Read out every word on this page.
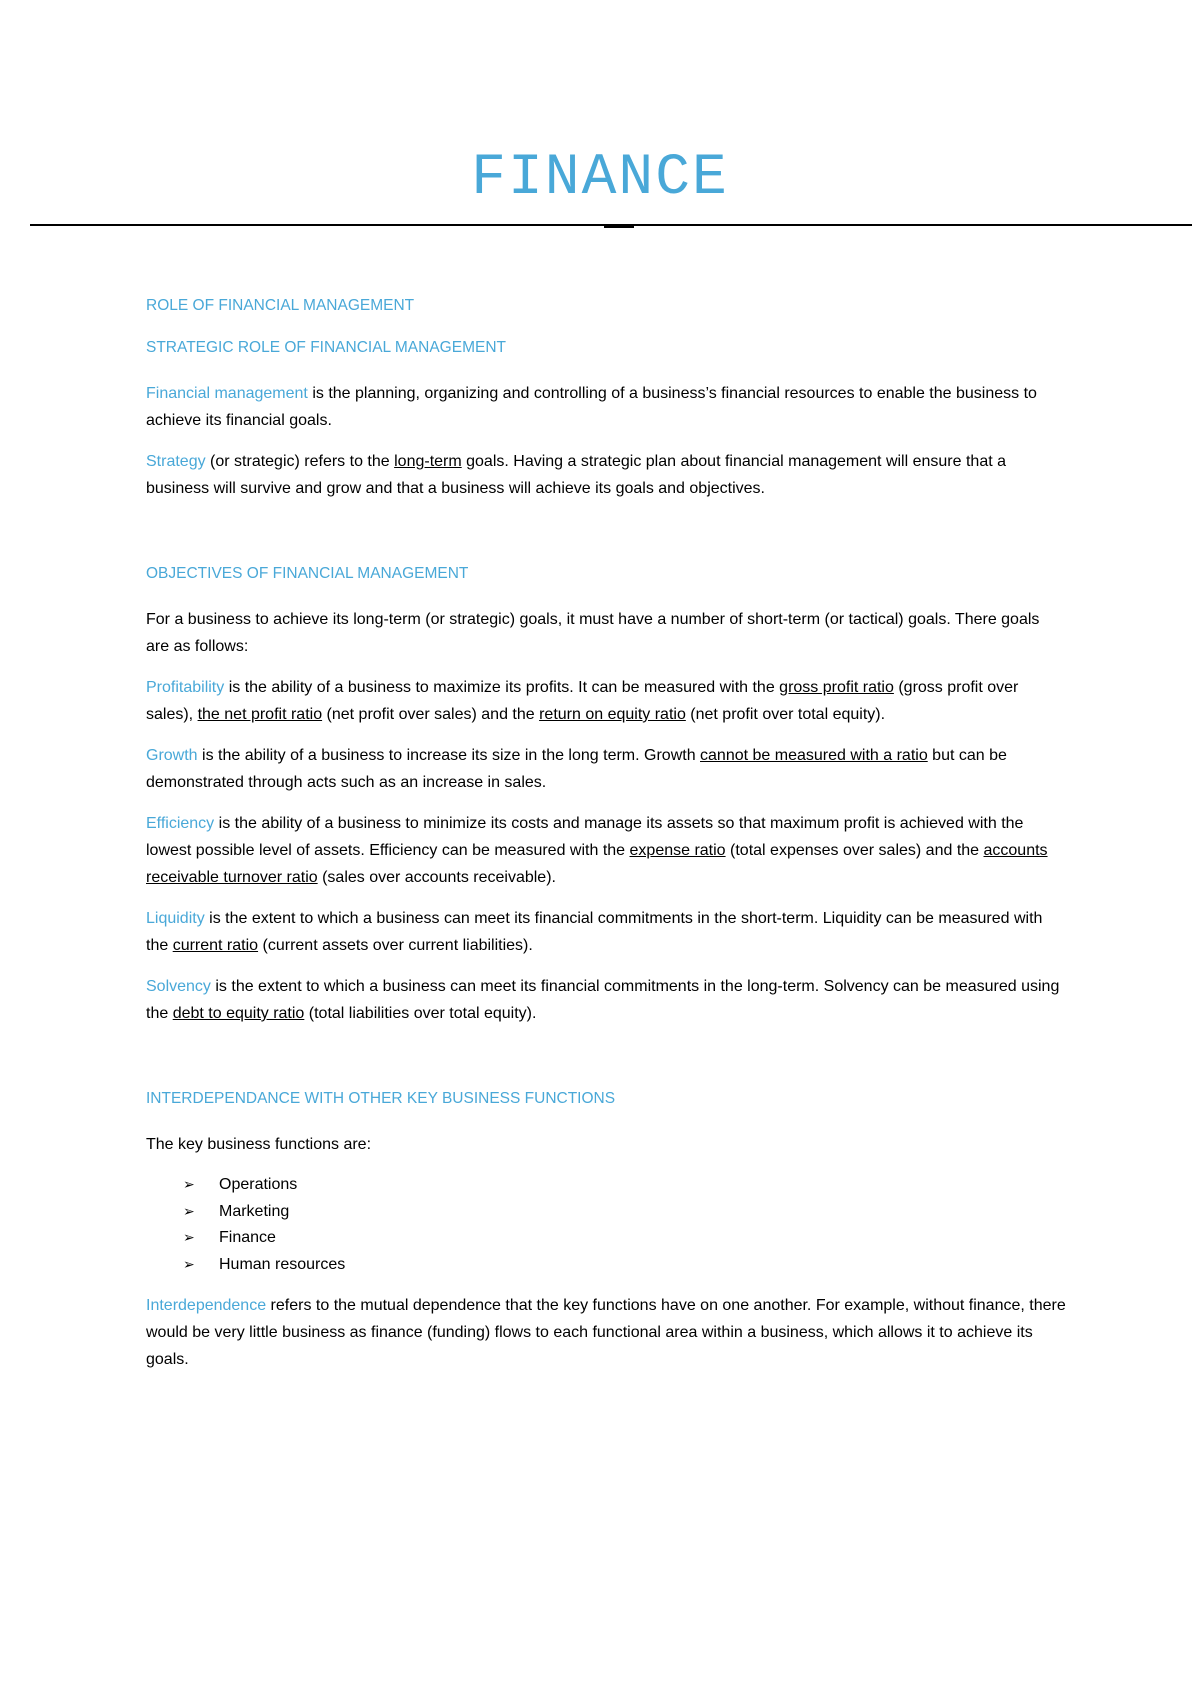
FINANCE
ROLE OF FINANCIAL MANAGEMENT
STRATEGIC ROLE OF FINANCIAL MANAGEMENT

Financial management is the planning, organizing and controlling of a business’s financial resources to enable the business to achieve its financial goals.

Strategy (or strategic) refers to the long-term goals. Having a strategic plan about financial management will ensure that a business will survive and grow and that a business will achieve its goals and objectives.

OBJECTIVES OF FINANCIAL MANAGEMENT

For a business to achieve its long-term (or strategic) goals, it must have a number of short-term (or tactical) goals. There goals are as follows:

Profitability is the ability of a business to maximize its profits. It can be measured with the gross profit ratio (gross profit over sales), the net profit ratio (net profit over sales) and the return on equity ratio (net profit over total equity).

Growth is the ability of a business to increase its size in the long term. Growth cannot be measured with a ratio but can be demonstrated through acts such as an increase in sales.

Efficiency is the ability of a business to minimize its costs and manage its assets so that maximum profit is achieved with the lowest possible level of assets. Efficiency can be measured with the expense ratio (total expenses over sales) and the accounts receivable turnover ratio (sales over accounts receivable).

Liquidity is the extent to which a business can meet its financial commitments in the short-term. Liquidity can be measured with the current ratio (current assets over current liabilities).

Solvency is the extent to which a business can meet its financial commitments in the long-term. Solvency can be measured using the debt to equity ratio (total liabilities over total equity).

INTERDEPENDANCE WITH OTHER KEY BUSINESS FUNCTIONS

The key business functions are:

➢ Operations
➢ Marketing
➢ Finance
➢ Human resources

Interdependence refers to the mutual dependence that the key functions have on one another. For example, without finance, there would be very little business as finance (funding) flows to each functional area within a business, which allows it to achieve its goals.
